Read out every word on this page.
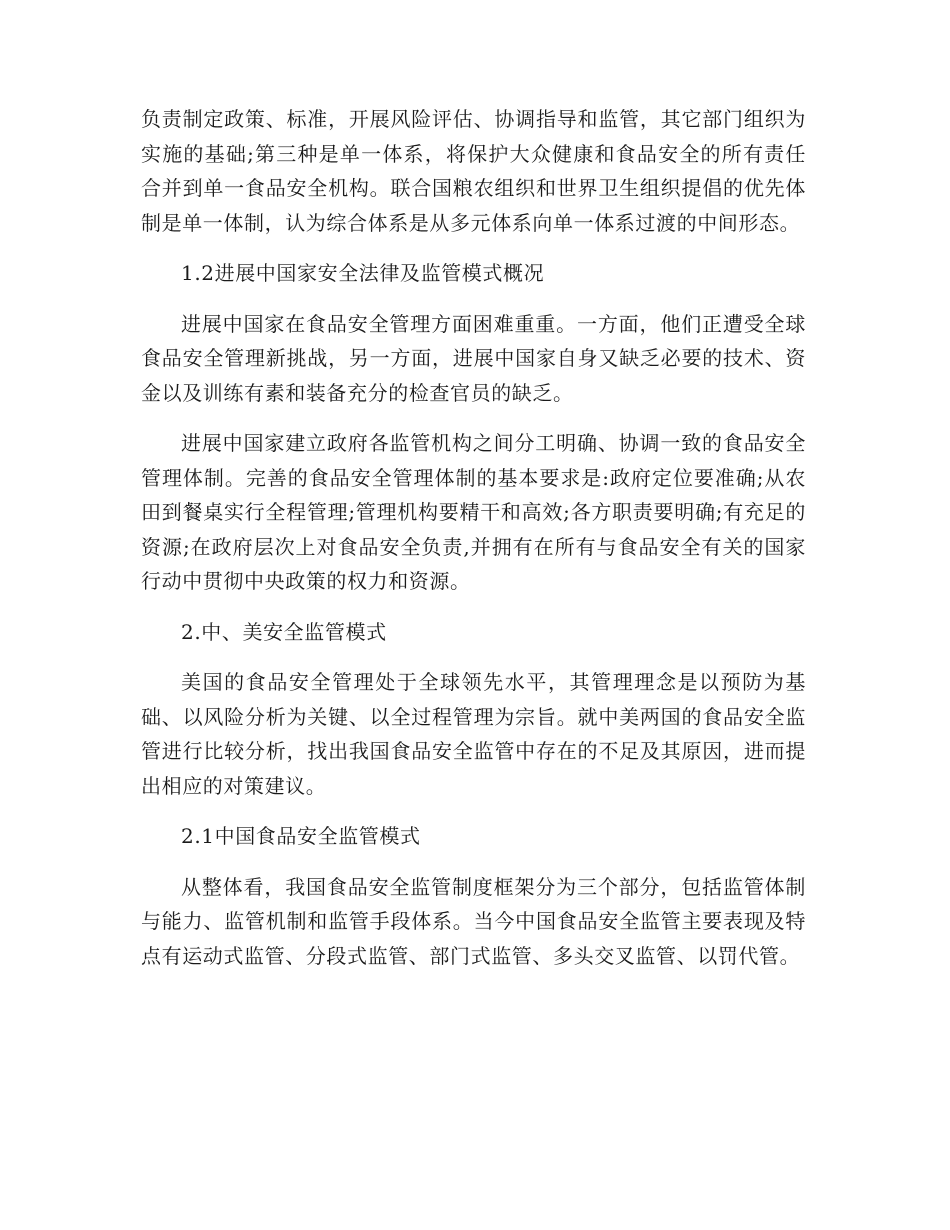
负责制定政策、标准，开展风险评估、协调指导和监管，其它部门组织为实施的基础;第三种是单一体系，将保护大众健康和食品安全的所有责任合并到单一食品安全机构。联合国粮农组织和世界卫生组织提倡的优先体制是单一体制，认为综合体系是从多元体系向单一体系过渡的中间形态。

1.2进展中国家安全法律及监管模式概况

进展中国家在食品安全管理方面困难重重。一方面，他们正遭受全球食品安全管理新挑战，另一方面，进展中国家自身又缺乏必要的技术、资金以及训练有素和装备充分的检查官员的缺乏。

进展中国家建立政府各监管机构之间分工明确、协调一致的食品安全管理体制。完善的食品安全管理体制的基本要求是:政府定位要准确;从农田到餐桌实行全程管理;管理机构要精干和高效;各方职责要明确;有充足的资源;在政府层次上对食品安全负责,并拥有在所有与食品安全有关的国家行动中贯彻中央政策的权力和资源。

2.中、美安全监管模式

美国的食品安全管理处于全球领先水平，其管理理念是以预防为基础、以风险分析为关键、以全过程管理为宗旨。就中美两国的食品安全监管进行比较分析，找出我国食品安全监管中存在的不足及其原因，进而提出相应的对策建议。

2.1中国食品安全监管模式

从整体看，我国食品安全监管制度框架分为三个部分，包括监管体制与能力、监管机制和监管手段体系。当今中国食品安全监管主要表现及特点有运动式监管、分段式监管、部门式监管、多头交叉监管、以罚代管。
